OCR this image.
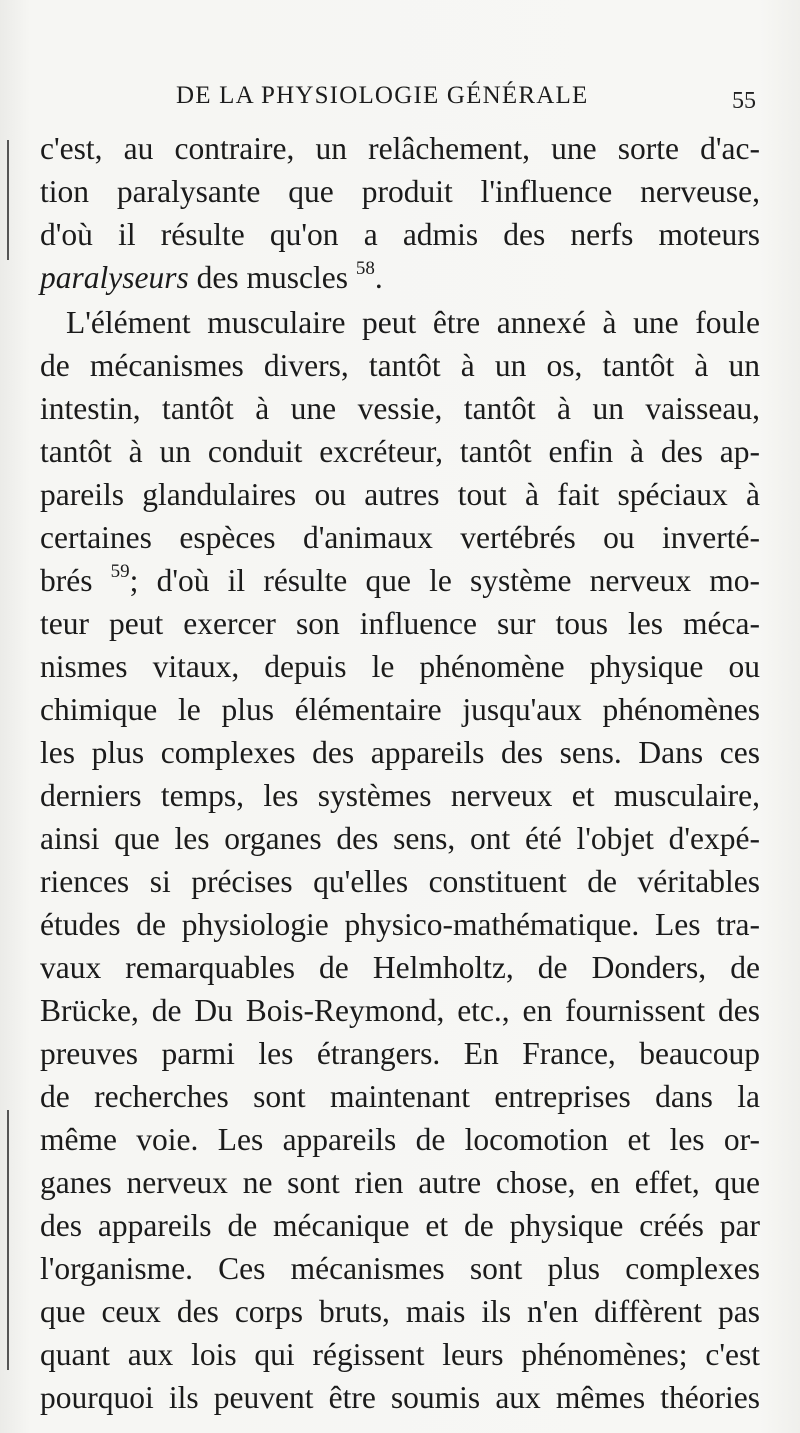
DE LA PHYSIOLOGIE GÉNÉRALE	55
c'est, au contraire, un relâchement, une sorte d'ac-
tion paralysante que produit l'influence nerveuse,
d'où il résulte qu'on a admis des nerfs moteurs
paralyseurs des muscles $^{58}$.
L'élément musculaire peut être annexé à une foule
de mécanismes divers, tantôt à un os, tantôt à un
intestin, tantôt à une vessie, tantôt à un vaisseau,
tantôt à un conduit excréteur, tantôt enfin à des ap-
pareils glandulaires ou autres tout à fait spéciaux à
certaines espèces d'animaux vertébrés ou inverté-
brés $^{59}$; d'où il résulte que le système nerveux mo-
teur peut exercer son influence sur tous les méca-
nismes vitaux, depuis le phénomène physique ou
chimique le plus élémentaire jusqu'aux phénomènes
les plus complexes des appareils des sens. Dans ces
derniers temps, les systèmes nerveux et musculaire,
ainsi que les organes des sens, ont été l'objet d'expé-
riences si précises qu'elles constituent de véritables
études de physiologie physico-mathématique. Les tra-
vaux remarquables de Helmholtz, de Donders, de
Brücke, de Du Bois-Reymond, etc., en fournissent des
preuves parmi les étrangers. En France, beaucoup
de recherches sont maintenant entreprises dans la
même voie. Les appareils de locomotion et les or-
ganes nerveux ne sont rien autre chose, en effet, que
des appareils de mécanique et de physique créés par
l'organisme. Ces mécanismes sont plus complexes
que ceux des corps bruts, mais ils n'en diffèrent pas
quant aux lois qui régissent leurs phénomènes; c'est
pourquoi ils peuvent être soumis aux mêmes théories
